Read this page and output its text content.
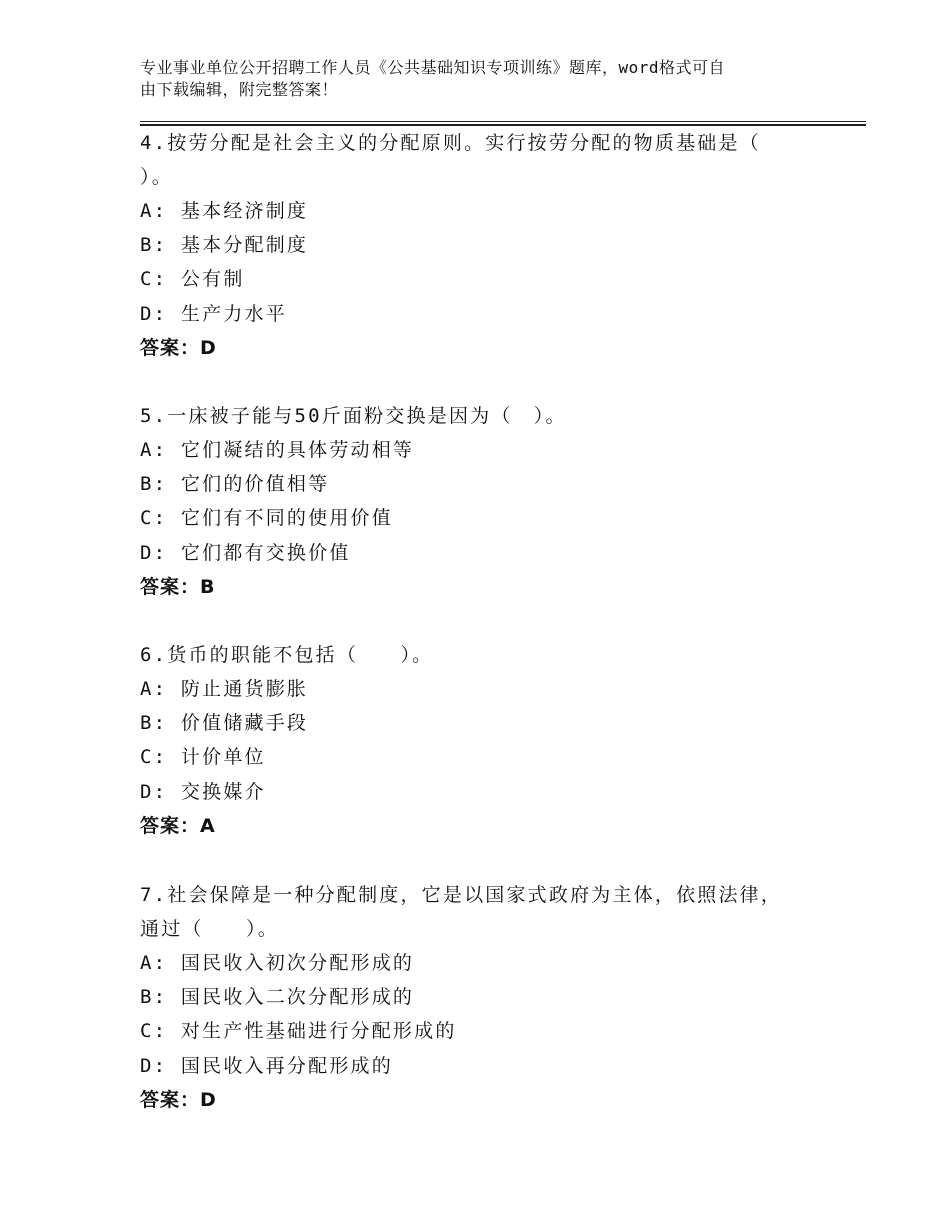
专业事业单位公开招聘工作人员《公共基础知识专项训练》题库，word格式可自
由下载编辑，附完整答案！
4.按劳分配是社会主义的分配原则。实行按劳分配的物质基础是（
）。
A: 基本经济制度
B: 基本分配制度
C: 公有制
D: 生产力水平
答案：D
5.一床被子能与50斤面粉交换是因为（　）。
A: 它们凝结的具体劳动相等
B: 它们的价值相等
C: 它们有不同的使用价值
D: 它们都有交换价值
答案：B
6.货币的职能不包括（　　）。
A: 防止通货膨胀
B: 价值储藏手段
C: 计价单位
D: 交换媒介
答案：A
7.社会保障是一种分配制度，它是以国家式政府为主体，依照法律，
通过（　　）。
A: 国民收入初次分配形成的
B: 国民收入二次分配形成的
C: 对生产性基础进行分配形成的
D: 国民收入再分配形成的
答案：D
